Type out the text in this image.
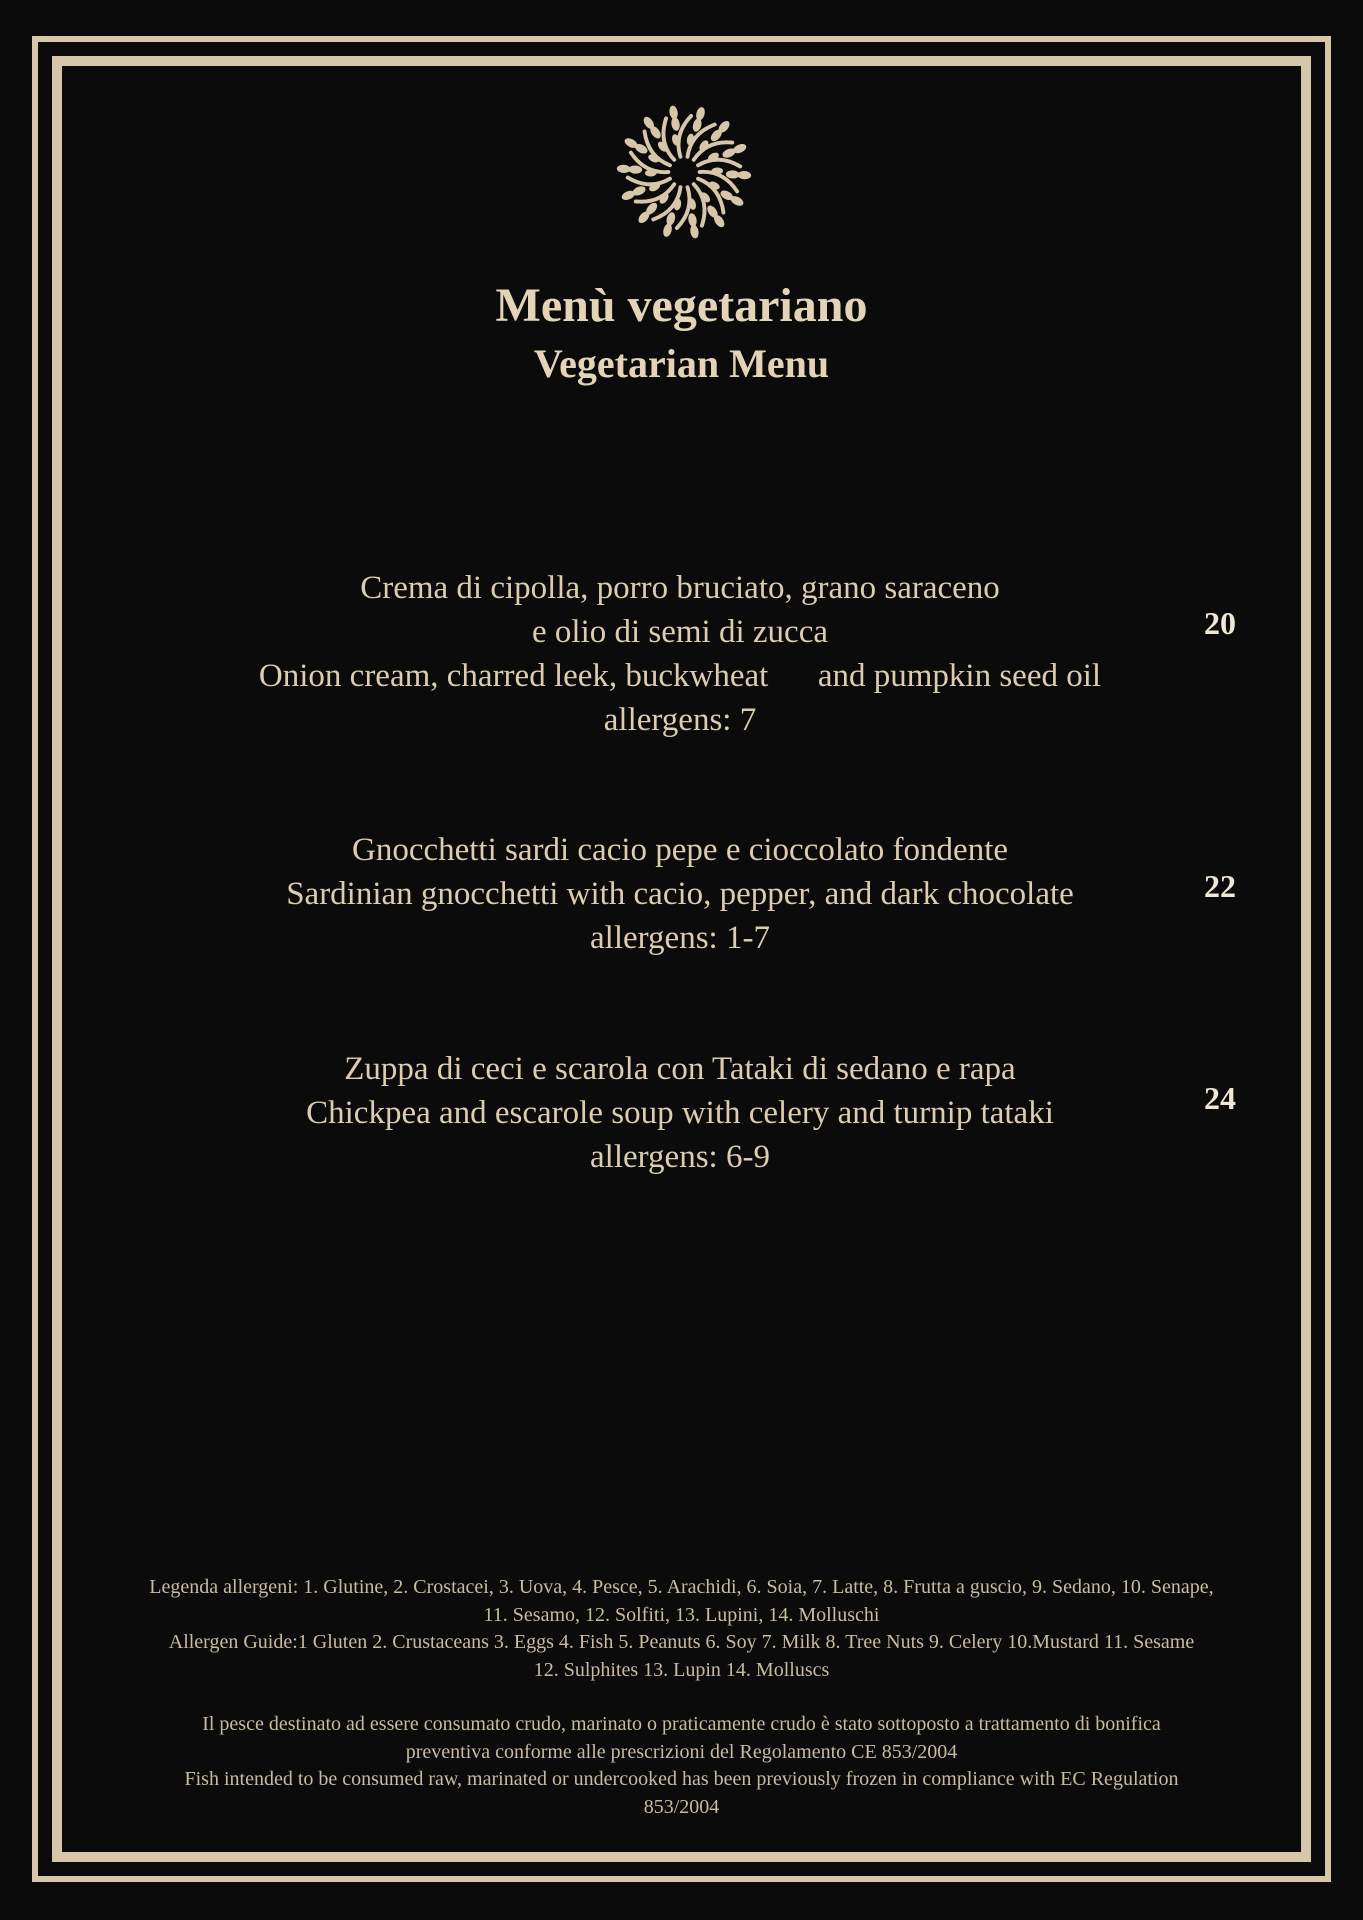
Menù vegetariano
Vegetarian Menu
Crema di cipolla, porro bruciato, grano saraceno
e olio di semi di zucca
Onion cream, charred leek, buckwheat      and pumpkin seed oil
allergens: 7
20
Gnocchetti sardi cacio pepe e cioccolato fondente
Sardinian gnocchetti with cacio, pepper, and dark chocolate
allergens: 1-7
22
Zuppa di ceci e scarola con Tataki di sedano e rapa
Chickpea and escarole soup with celery and turnip tataki
allergens: 6-9
24
Legenda allergeni: 1. Glutine, 2. Crostacei, 3. Uova, 4. Pesce, 5. Arachidi, 6. Soia, 7. Latte, 8. Frutta a guscio, 9. Sedano, 10. Senape,
11. Sesamo, 12. Solfiti, 13. Lupini, 14. Molluschi
Allergen Guide:1 Gluten 2. Crustaceans 3. Eggs 4. Fish 5. Peanuts 6. Soy 7. Milk 8. Tree Nuts 9. Celery 10.Mustard 11. Sesame
12. Sulphites 13. Lupin 14. Molluscs
Il pesce destinato ad essere consumato crudo, marinato o praticamente crudo è stato sottoposto a trattamento di bonifica
preventiva conforme alle prescrizioni del Regolamento CE 853/2004
Fish intended to be consumed raw, marinated or undercooked has been previously frozen in compliance with EC Regulation
853/2004
